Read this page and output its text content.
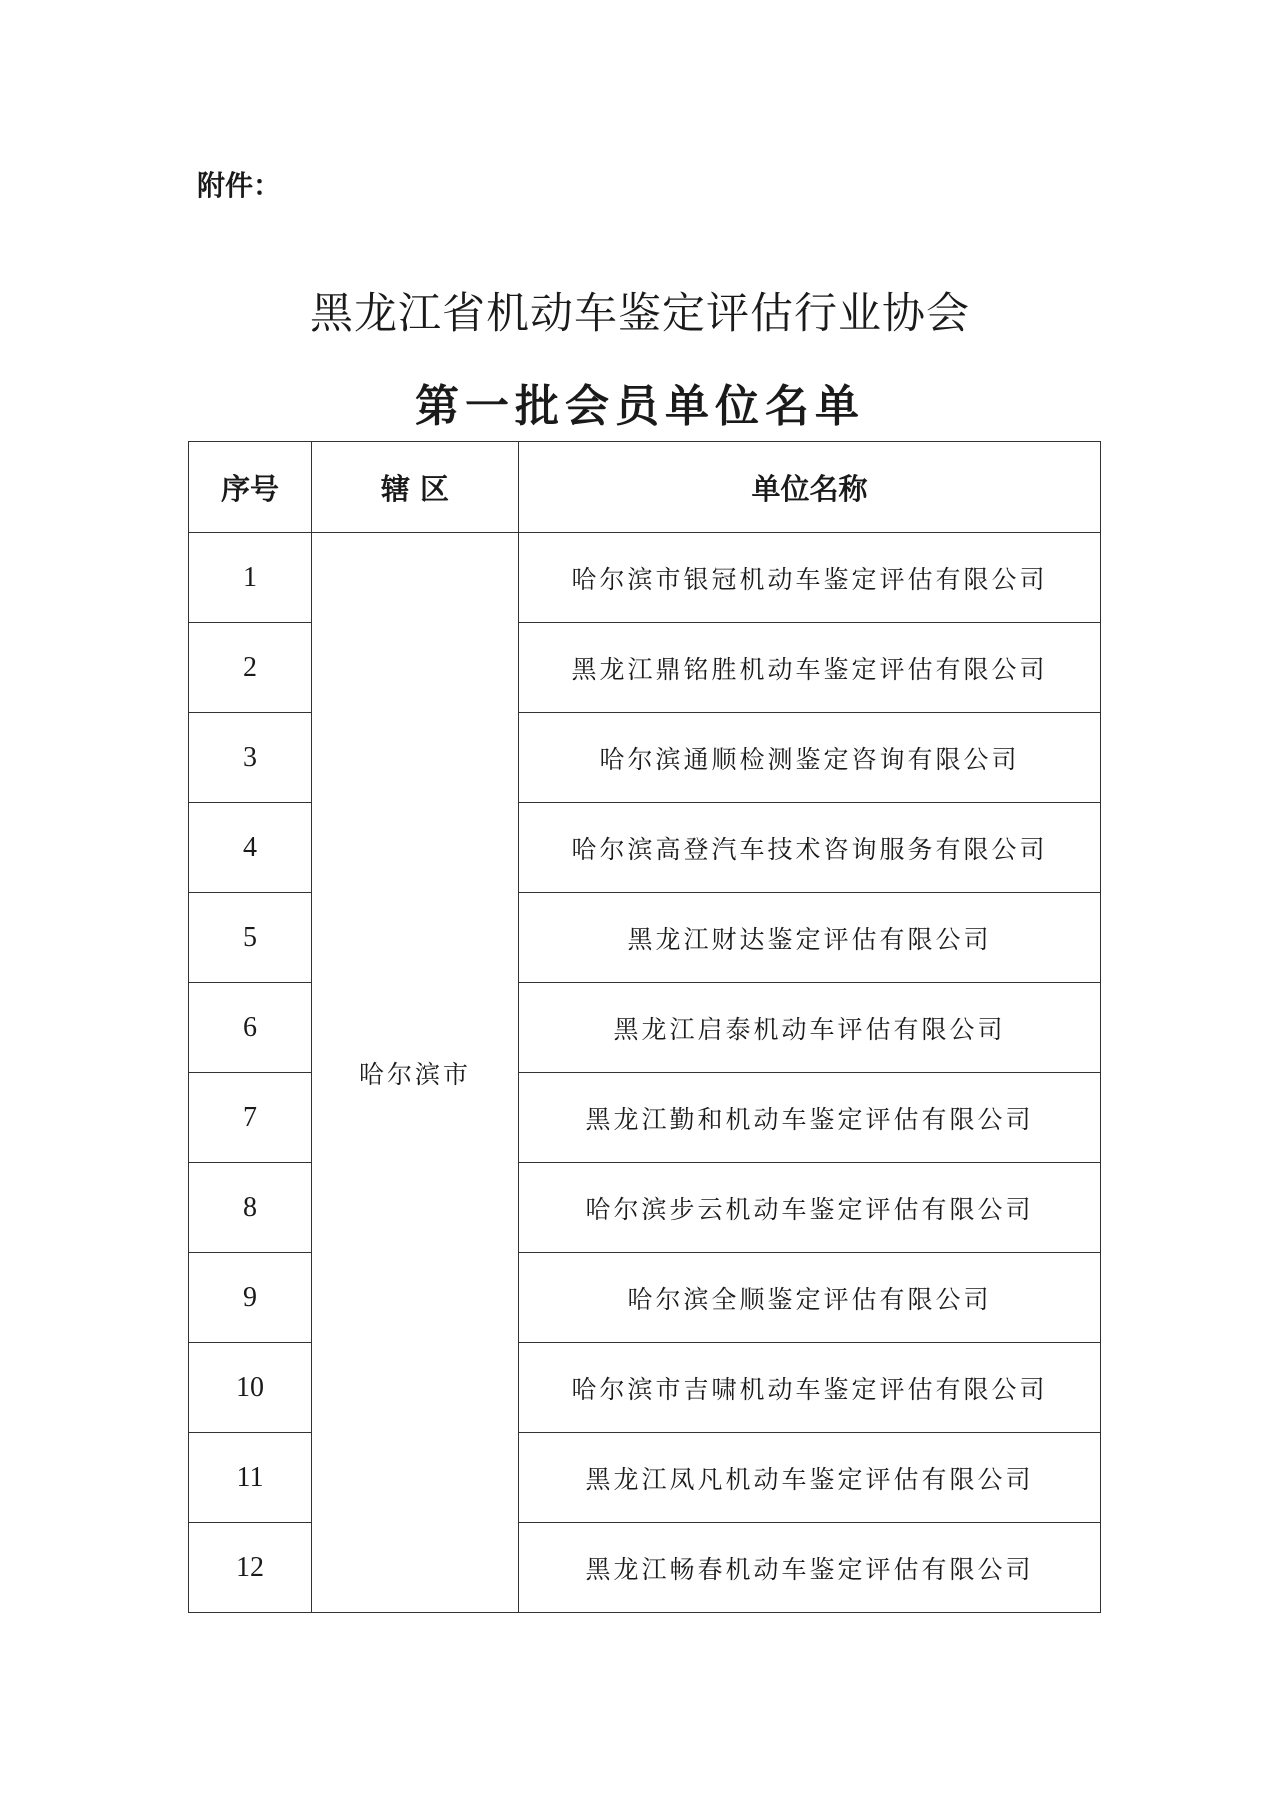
附件：
黑龙江省机动车鉴定评估行业协会
第一批会员单位名单
序号	辖 区	单位名称
1	哈尔滨市	哈尔滨市银冠机动车鉴定评估有限公司
2		黑龙江鼎铭胜机动车鉴定评估有限公司
3		哈尔滨通顺检测鉴定咨询有限公司
4		哈尔滨高登汽车技术咨询服务有限公司
5		黑龙江财达鉴定评估有限公司
6		黑龙江启泰机动车评估有限公司
7		黑龙江勤和机动车鉴定评估有限公司
8		哈尔滨步云机动车鉴定评估有限公司
9		哈尔滨全顺鉴定评估有限公司
10		哈尔滨市吉啸机动车鉴定评估有限公司
11		黑龙江凤凡机动车鉴定评估有限公司
12		黑龙江畅春机动车鉴定评估有限公司
